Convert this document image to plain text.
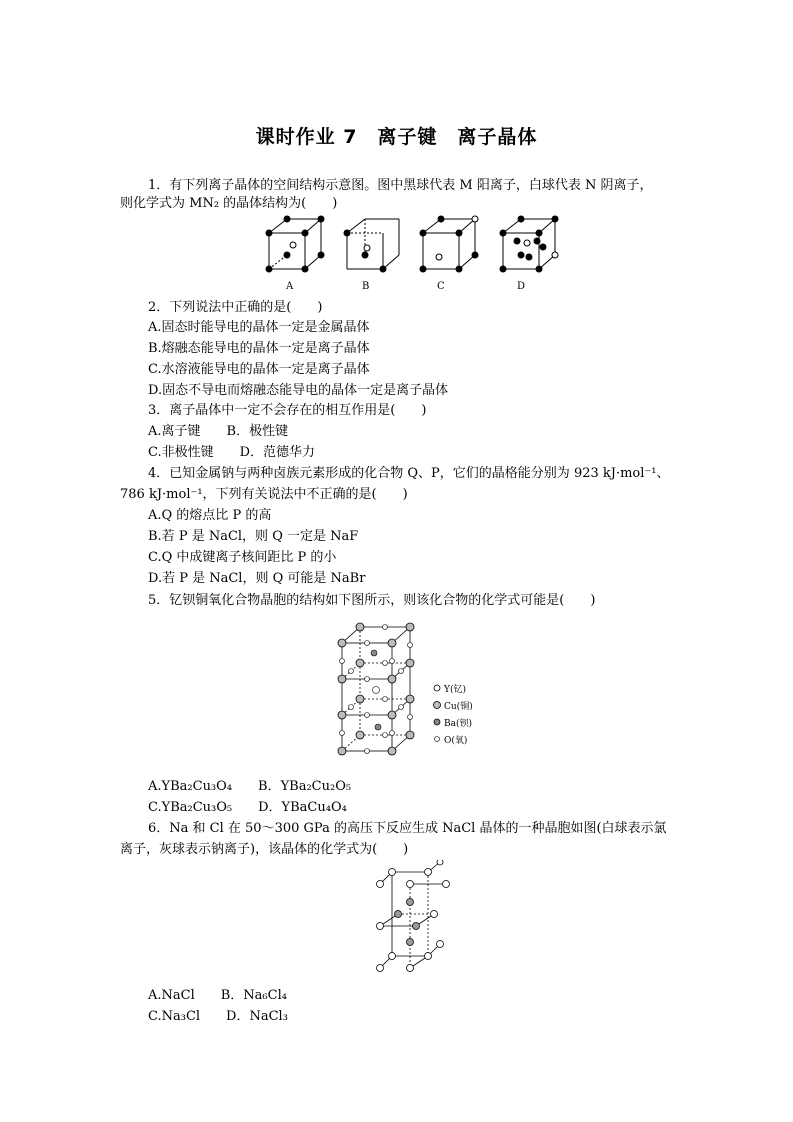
课时作业 7　离子键　离子晶体
1．有下列离子晶体的空间结构示意图。图中黑球代表 M 阳离子，白球代表 N 阴离子，
则化学式为 MN₂ 的晶体结构为(　　)
A	B	C	D
2．下列说法中正确的是(　　)
A.固态时能导电的晶体一定是金属晶体
B.熔融态能导电的晶体一定是离子晶体
C.水溶液能导电的晶体一定是离子晶体
D.固态不导电而熔融态能导电的晶体一定是离子晶体
3．离子晶体中一定不会存在的相互作用是(　　)
A.离子键　　B．极性键
C.非极性键　　D．范德华力
4．已知金属钠与两种卤族元素形成的化合物 Q、P，它们的晶格能分别为 923 kJ·mol⁻¹、
786 kJ·mol⁻¹，下列有关说法中不正确的是(　　)
A.Q 的熔点比 P 的高
B.若 P 是 NaCl，则 Q 一定是 NaF
C.Q 中成键离子核间距比 P 的小
D.若 P 是 NaCl，则 Q 可能是 NaBr
5．钇钡铜氧化合物晶胞的结构如下图所示，则该化合物的化学式可能是(　　)
Y(钇)
Cu(铜)
Ba(钡)
O(氧)
A.YBa₂Cu₃O₄　　B．YBa₂Cu₂O₅
C.YBa₂Cu₃O₅　　D．YBaCu₄O₄
6．Na 和 Cl 在 50～300 GPa 的高压下反应生成 NaCl 晶体的一种晶胞如图(白球表示氯
离子，灰球表示钠离子)，该晶体的化学式为(　　)
A.NaCl　　B．Na₆Cl₄
C.Na₃Cl　　D．NaCl₃
